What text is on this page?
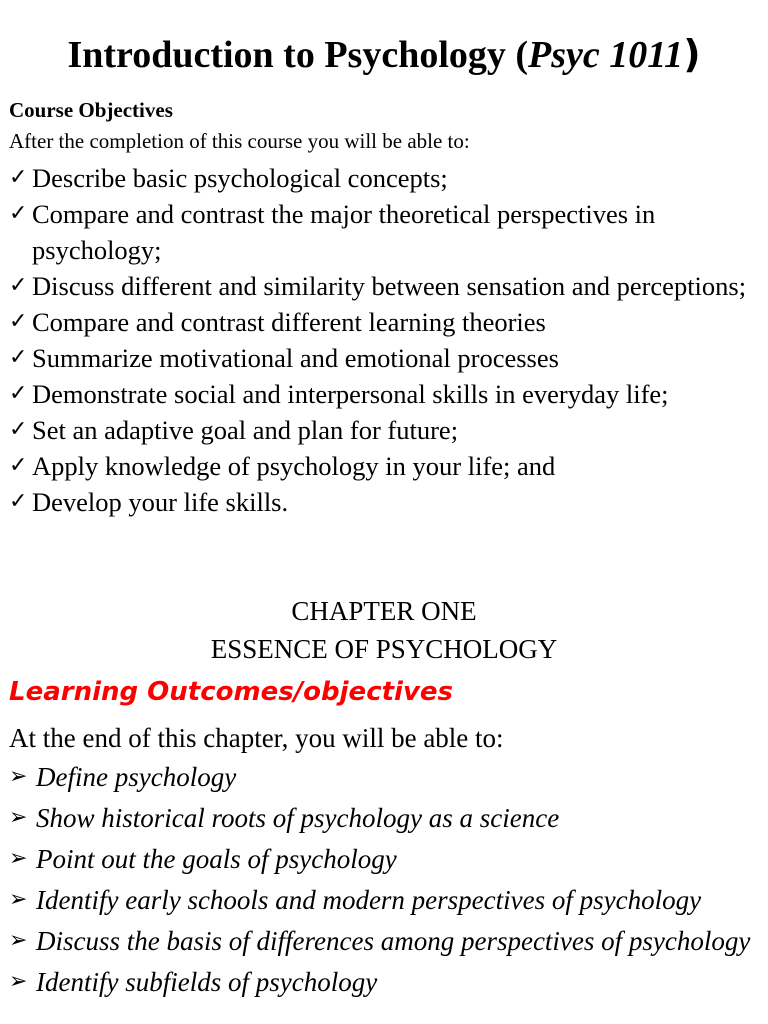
Introduction to Psychology (Psyc 1011)
Course Objectives
After the completion of this course you will be able to:
✓ Describe basic psychological concepts;
✓ Compare and contrast the major theoretical perspectives in psychology;
✓ Discuss different and similarity between sensation and perceptions;
✓ Compare and contrast different learning theories
✓ Summarize motivational and emotional processes
✓ Demonstrate social and interpersonal skills in everyday life;
✓ Set an adaptive goal and plan for future;
✓ Apply knowledge of psychology in your life; and
✓ Develop your life skills.
CHAPTER ONE
ESSENCE OF PSYCHOLOGY
Learning Outcomes/objectives
At the end of this chapter, you will be able to:
➢ Define psychology
➢ Show historical roots of psychology as a science
➢ Point out the goals of psychology
➢ Identify early schools and modern perspectives of psychology
➢ Discuss the basis of differences among perspectives of psychology
➢ Identify subfields of psychology
